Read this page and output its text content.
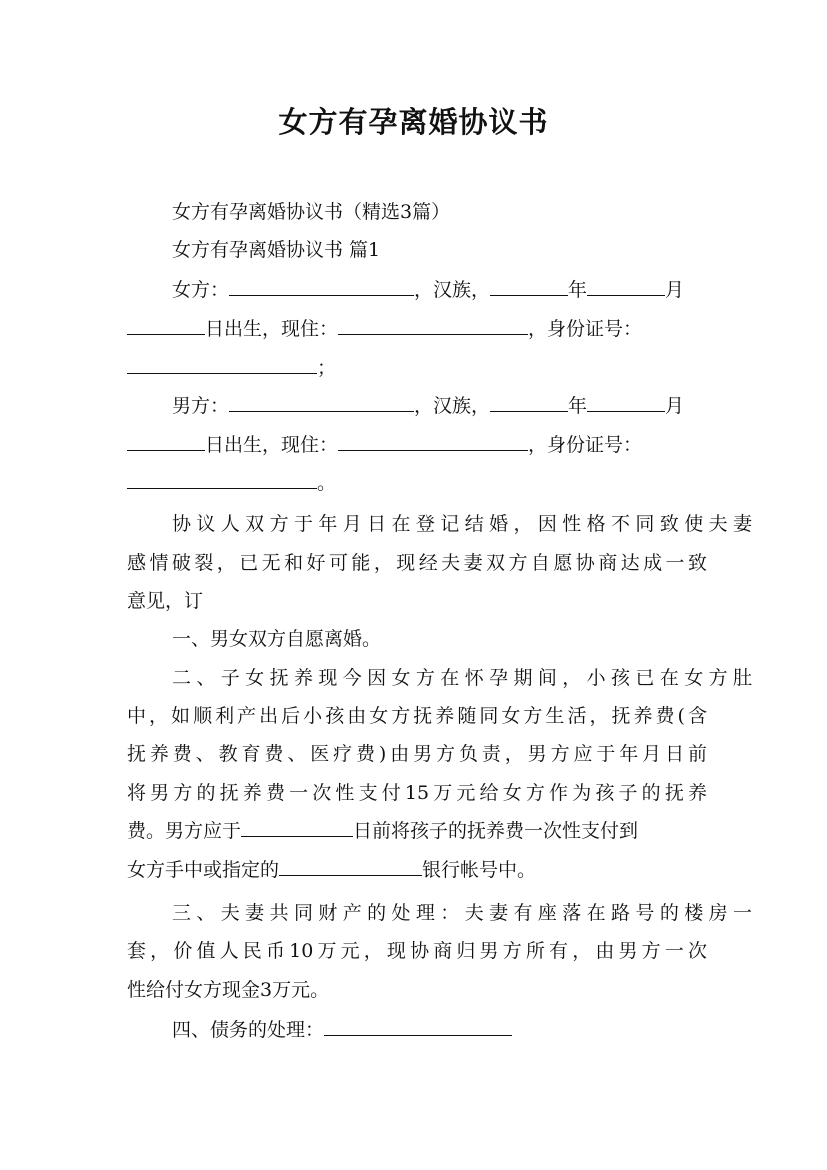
女方有孕离婚协议书

女方有孕离婚协议书（精选3篇）

女方有孕离婚协议书 篇1

女方：	，汉族，	年	月

日出生，现住：	，身份证号：

；

男方：	，汉族，	年	月

日出生，现住：	，身份证号：

。

协议人双方于年月日在登记结婚，因性格不同致使夫妻

感情破裂，已无和好可能，现经夫妻双方自愿协商达成一致

意见，订

一、男女双方自愿离婚。

二、子女抚养现今因女方在怀孕期间，小孩已在女方肚

中，如顺利产出后小孩由女方抚养随同女方生活，抚养费(含

抚养费、教育费、医疗费)由男方负责，男方应于年月日前

将男方的抚养费一次性支付15万元给女方作为孩子的抚养

费。男方应于	日前将孩子的抚养费一次性支付到

女方手中或指定的	银行帐号中。

三、夫妻共同财产的处理：夫妻有座落在路号的楼房一

套，价值人民币10万元，现协商归男方所有，由男方一次

性给付女方现金3万元。

四、债务的处理：
